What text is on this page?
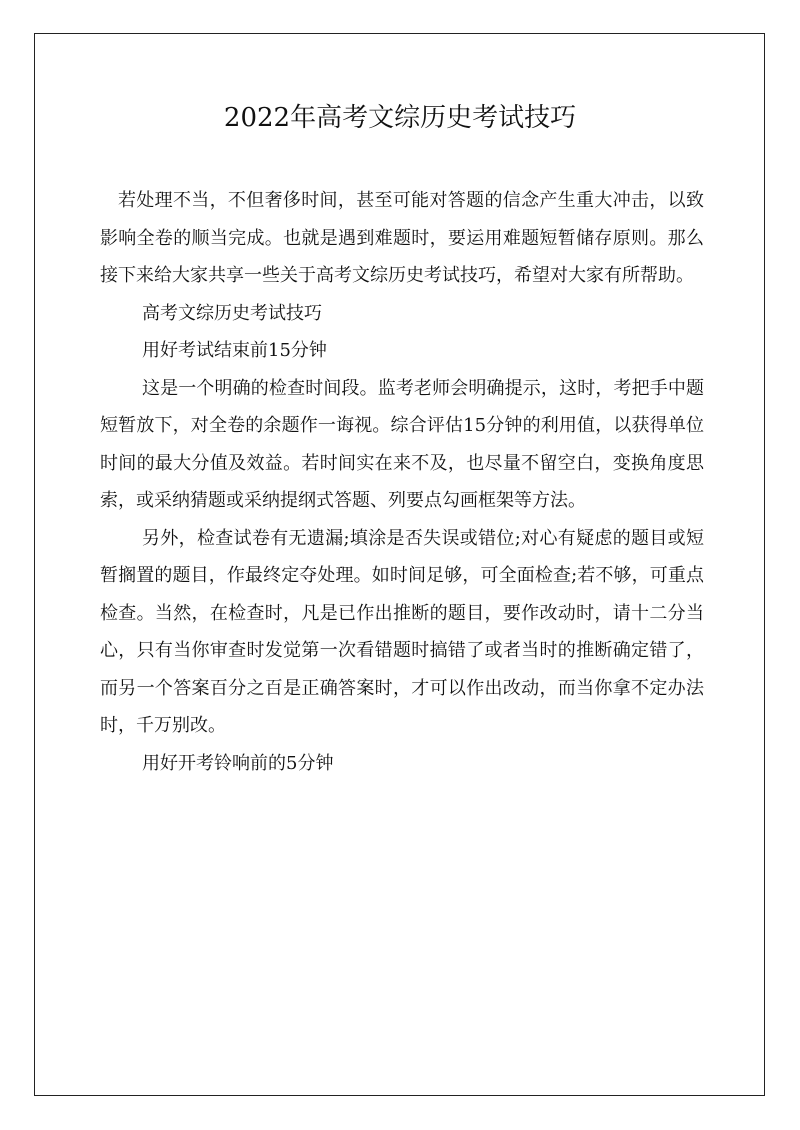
2022年高考文综历史考试技巧

若处理不当，不但奢侈时间，甚至可能对答题的信念产生重大冲击，以致影响全卷的顺当完成。也就是遇到难题时，要运用难题短暂储存原则。那么接下来给大家共享一些关于高考文综历史考试技巧，希望对大家有所帮助。

高考文综历史考试技巧

用好考试结束前15分钟

这是一个明确的检查时间段。监考老师会明确提示，这时，考把手中题短暂放下，对全卷的余题作一诲视。综合评估15分钟的利用值，以获得单位时间的最大分值及效益。若时间实在来不及，也尽量不留空白，变换角度思索，或采纳猜题或采纳提纲式答题、列要点勾画框架等方法。

另外，检查试卷有无遗漏;填涂是否失误或错位;对心有疑虑的题目或短暂搁置的题目，作最终定夺处理。如时间足够，可全面检查;若不够，可重点检查。当然，在检查时，凡是已作出推断的题目，要作改动时，请十二分当心，只有当你审查时发觉第一次看错题时搞错了或者当时的推断确定错了，而另一个答案百分之百是正确答案时，才可以作出改动，而当你拿不定办法时，千万别改。

用好开考铃响前的5分钟
